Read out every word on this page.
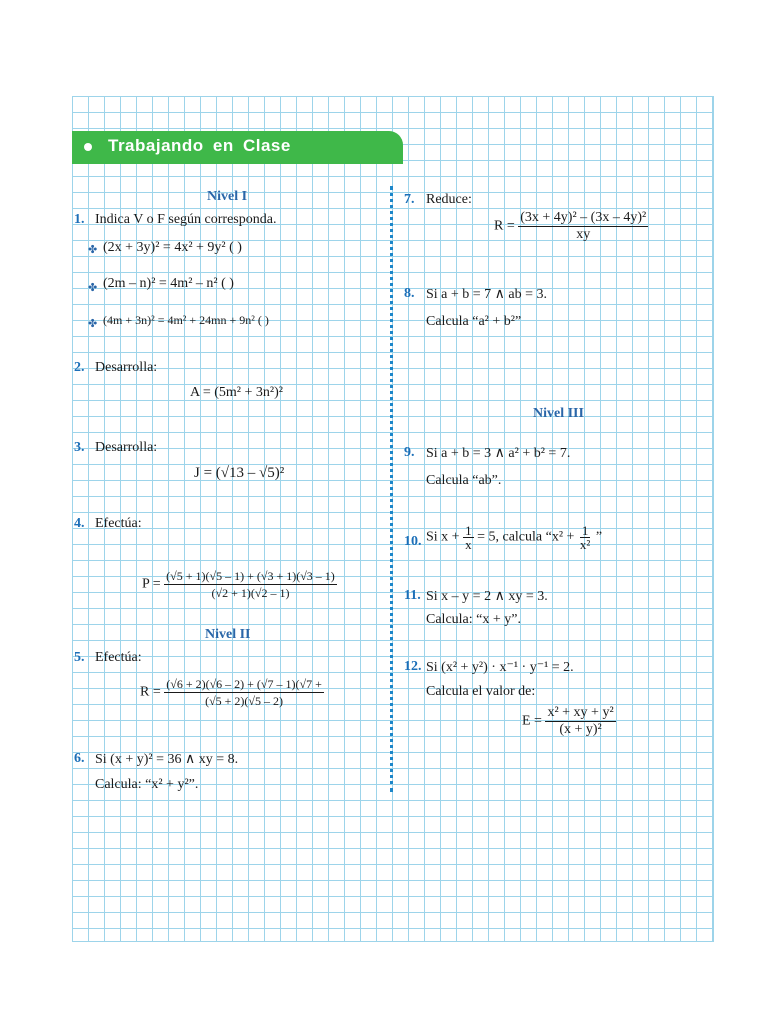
Trabajando en Clase
Nivel I
1. Indica V o F según corresponda.
✤ (2x + 3y)² = 4x² + 9y² ( )
✤ (2m – n)² = 4m² – n² ( )
✤ (4m + 3n)² = 4m² + 24mn + 9n² ( )
2. Desarrolla:
A = (5m² + 3n²)²
3. Desarrolla:
J = (√13 – √5)²
4. Efectúa:
$P = \frac{(√5 + 1)(√5 - 1) + (√3 + 1)(√3 - 1)}{(√2 + 1)(√2 - 1)}$
Nivel II
5. Efectúa:
$R = \frac{(√6 + 2)(√6 - 2) + (√7 - 1)(√7 +}{(√5 + 2)(√5 - 2)}$
6. Si (x + y)² = 36 ∧ xy = 8.
Calcula: “x² + y²”.
7. Reduce:
$R = \frac{\text{(3x + 4y)² – (3x – 4y)²}}{xy}$
8. Si a + b = 7 ∧ ab = 3.
Calcula “a² + b²”
Nivel III
9. Si a + b = 3 ∧ a² + b² = 7.
Calcula “ab”.
10. Si $x + \frac{1}{x} = 5$, calcula “$x^2 + \frac{1}{\text{x²}}$ ”
11. Si x – y = 2 ∧ xy = 3.
Calcula: “x + y”.
12. Si (x² + y²) · x⁻¹ · y⁻¹ = 2.
Calcula el valor de:
$E = \frac{\text{x² + xy + y²}}{\text{(x + y)²}}$
